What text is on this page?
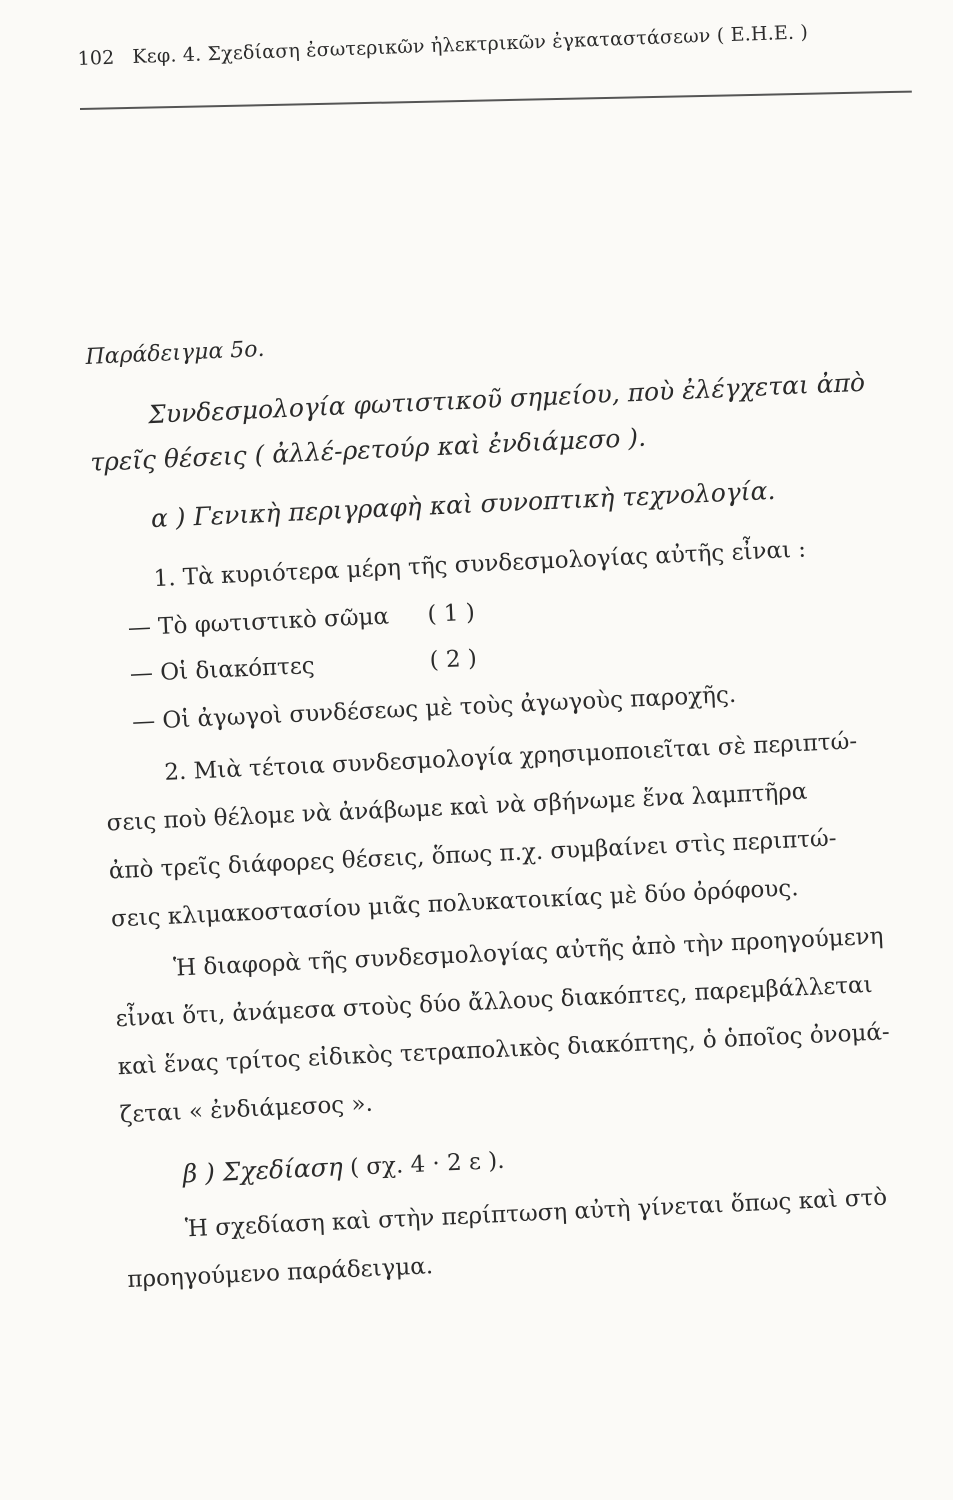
102 Κεφ. 4. Σχεδίαση ἐσωτερικῶν ἠλεκτρικῶν ἐγκαταστάσεων ( Ε.Η.Ε. )
Παράδειγμα 5ο.
Συνδεσμολογία φωτιστικοῦ σημείου, ποὺ ἐλέγχεται ἀπὸ
τρεῖς θέσεις ( ἀλλέ-ρετούρ καὶ ἐνδιάμεσο ).
α ) Γενικὴ περιγραφὴ καὶ συνοπτικὴ τεχνολογία.
1. Τὰ κυριότερα μέρη τῆς συνδεσμολογίας αὐτῆς εἶναι :
— Τὸ φωτιστικὸ σῶμα ( 1 )
— Οἱ διακόπτες	( 2 )
— Οἱ ἀγωγοὶ συνδέσεως μὲ τοὺς ἀγωγοὺς παροχῆς.
2. Μιὰ τέτοια συνδεσμολογία χρησιμοποιεῖται σὲ περιπτώ-
σεις ποὺ θέλομε νὰ ἀνάβωμε καὶ νὰ σβήνωμε ἕνα λαμπτῆρα
ἀπὸ τρεῖς διάφορες θέσεις, ὅπως π.χ. συμβαίνει στὶς περιπτώ-
σεις κλιμακοστασίου μιᾶς πολυκατοικίας μὲ δύο ὀρόφους.
Ἡ διαφορὰ τῆς συνδεσμολογίας αὐτῆς ἀπὸ τὴν προηγούμενη
εἶναι ὅτι, ἀνάμεσα στοὺς δύο ἄλλους διακόπτες, παρεμβάλλεται
καὶ ἕνας τρίτος εἰδικὸς τετραπολικὸς διακόπτης, ὁ ὁποῖος ὀνομά-
ζεται « ἐνδιάμεσος ».
β ) Σχεδίαση ( σχ. 4 · 2 ε ).
Ἡ σχεδίαση καὶ στὴν περίπτωση αὐτὴ γίνεται ὅπως καὶ στὸ
προηγούμενο παράδειγμα.
